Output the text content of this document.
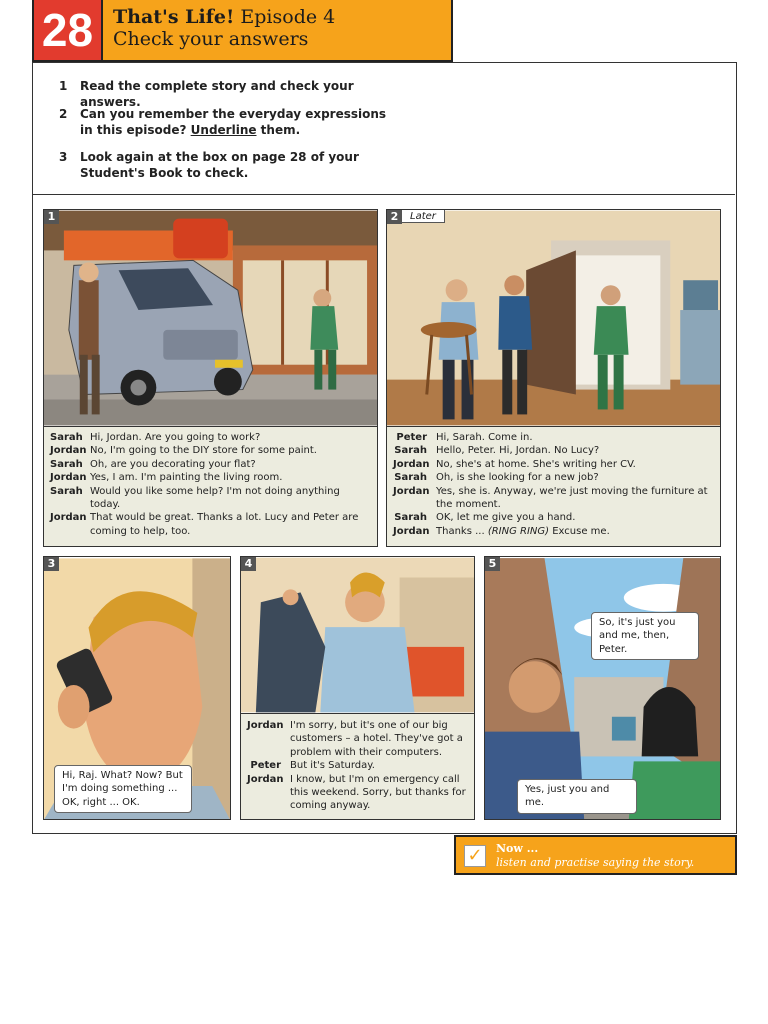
28	That's Life! Episode 4
Check your answers
1 Read the complete story and check your answers.
2 Can you remember the everyday expressions in this episode? Underline them.
3 Look again at the box on page 28 of your Student's Book to check.
1
Sarah Hi, Jordan. Are you going to work?
Jordan No, I'm going to the DIY store for some paint.
Sarah Oh, are you decorating your flat?
Jordan Yes, I am. I'm painting the living room.
Sarah Would you like some help? I'm not doing anything today.
Jordan That would be great. Thanks a lot. Lucy and Peter are coming to help, too.
2	Later
Peter Hi, Sarah. Come in.
Sarah Hello, Peter. Hi, Jordan. No Lucy?
Jordan No, she's at home. She's writing her CV.
Sarah Oh, is she looking for a new job?
Jordan Yes, she is. Anyway, we're just moving the furniture at the moment.
Sarah OK, let me give you a hand.
Jordan Thanks ... (RING RING) Excuse me.
3
Hi, Raj. What? Now? But I'm doing something ... OK, right ... OK.
4
Jordan I'm sorry, but it's one of our big customers – a hotel. They've got a problem with their computers.
Peter But it's Saturday.
Jordan I know, but I'm on emergency call this weekend. Sorry, but thanks for coming anyway.
5
So, it's just you and me, then, Peter.
Yes, just you and me.
✓	Now ...
listen and practise saying the story.
